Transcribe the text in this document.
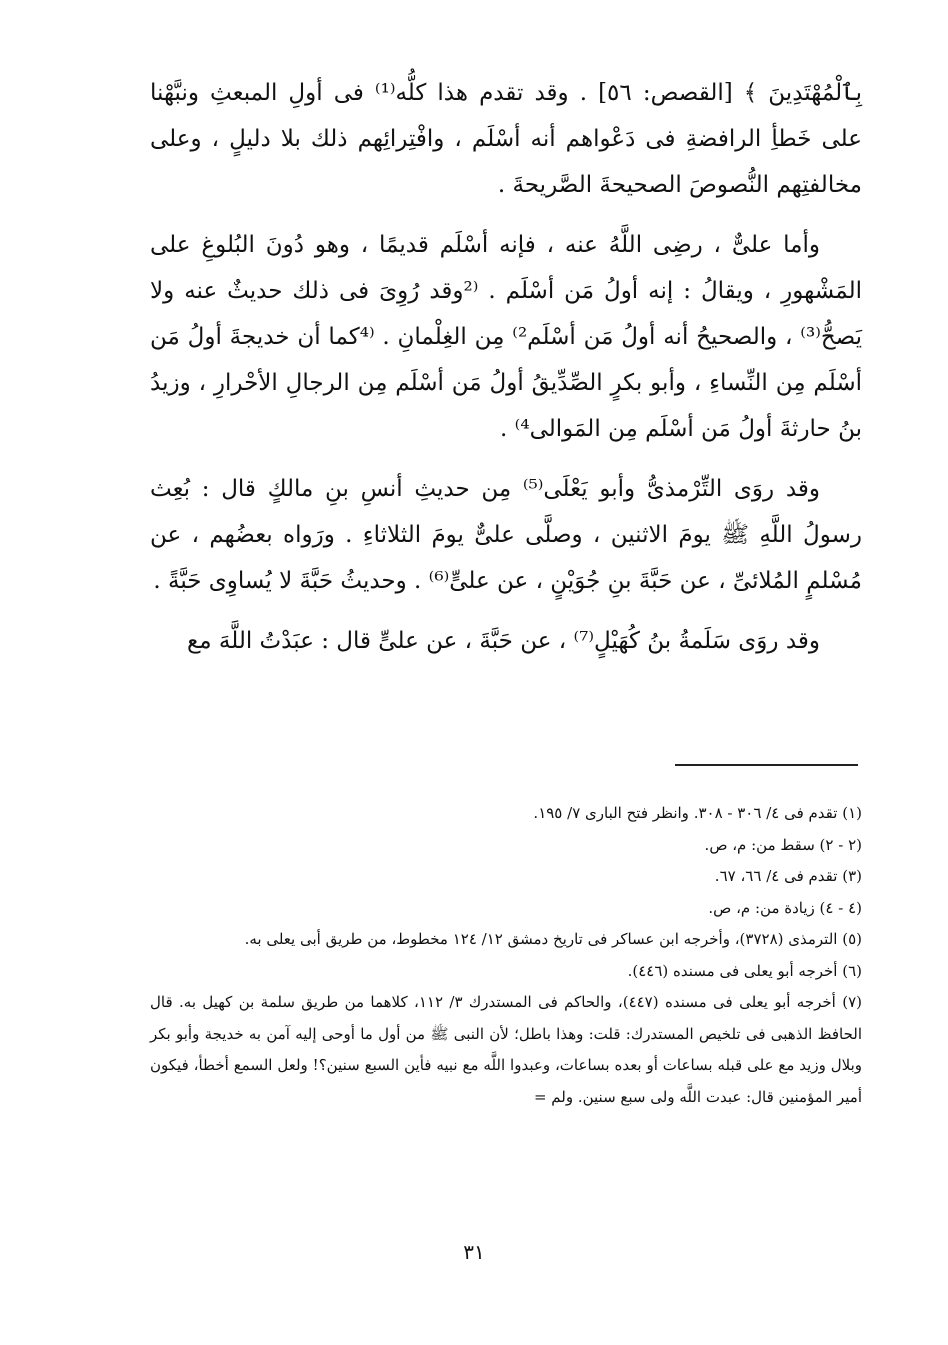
بِٱلْمُهْتَدِينَ ﴾ [القصص: ٥٦] . وقد تقدم هذا كلُّه⁽¹⁾ فى أولِ المبعثِ ونبَّهْنا على خَطأِ الرافضةِ فى دَعْواهم أنه أسْلَم ، وافْتِرائِهم ذلك بلا دليلٍ ، وعلى مخالفتِهم النُّصوصَ الصحيحةَ الصَّريحةَ .

وأما علىٌّ ، رضِى اللَّهُ عنه ، فإنه أسْلَم قديمًا ، وهو دُونَ البُلوغِ على المَشْهورِ ، ويقالُ : إنه أولُ مَن أسْلَم . ⁽²وقد رُوِىَ فى ذلك حديثٌ عنه ولا يَصحُّ⁽³⁾ ، والصحيحُ أنه أولُ مَن أسْلَم²⁾ مِن الغِلْمانِ . ⁽⁴كما أن خديجةَ أولُ مَن أسْلَم مِن النِّساءِ ، وأبو بكرٍ الصِّدِّيقُ أولُ مَن أسْلَم مِن الرجالِ الأحْرارِ ، وزيدُ بنُ حارثةَ أولُ مَن أسْلَم مِن المَوالى⁴⁾ .

وقد روَى التِّرْمذىُّ وأبو يَعْلَى⁽⁵⁾ مِن حديثِ أنسِ بنِ مالكٍ قال : بُعِث رسولُ اللَّهِ ﷺ يومَ الاثنين ، وصلَّى علىٌّ يومَ الثلاثاءِ . ورَواه بعضُهم ، عن مُسْلمٍ المُلائىِّ ، عن حَبَّةَ بنِ جُوَيْنٍ ، عن علىٍّ⁽⁶⁾ . وحديثُ حَبَّةَ لا يُساوِى حَبَّةً .

وقد روَى سَلَمةُ بنُ كُهَيْلٍ⁽⁷⁾ ، عن حَبَّةَ ، عن علىٍّ قال : عبَدْتُ اللَّهَ مع

(١) تقدم فى ٤/ ٣٠٦ - ٣٠٨. وانظر فتح البارى ٧/ ١٩٥.

(٢ - ٢) سقط من: م، ص.

(٣) تقدم فى ٤/ ٦٦، ٦٧.

(٤ - ٤) زيادة من: م، ص.

(٥) الترمذى (٣٧٢٨)، وأخرجه ابن عساكر فى تاريخ دمشق ١٢/ ١٢٤ مخطوط، من طريق أبى يعلى به.

(٦) أخرجه أبو يعلى فى مسنده (٤٤٦).

(٧) أخرجه أبو يعلى فى مسنده (٤٤٧)، والحاكم فى المستدرك ٣/ ١١٢، كلاهما من طريق سلمة بن كهيل به. قال الحافظ الذهبى فى تلخيص المستدرك: قلت: وهذا باطل؛ لأن النبى ﷺ من أول ما أوحى إليه آمن به خديجة وأبو بكر وبلال وزيد مع على قبله بساعات أو بعده بساعات، وعبدوا اللَّه مع نبيه فأين السبع سنين؟! ولعل السمع أخطأ، فيكون أمير المؤمنين قال: عبدت اللَّه ولى سبع سنين. ولم =

٣١
